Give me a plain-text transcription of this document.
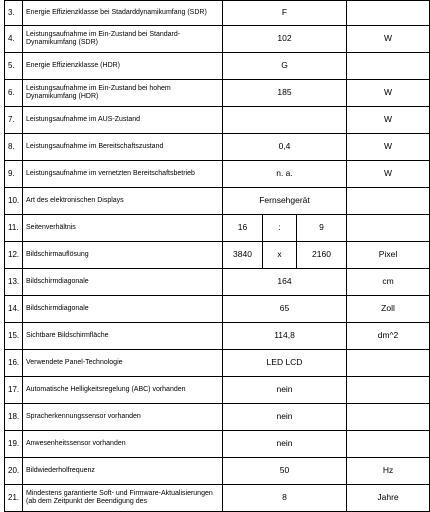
3.	Energie Effizienzklasse bei Stadarddynamikumfang (SDR)	F			
4.	Leistungsaufnahme im Ein-Zustand bei Standard-Dynamikumfang (SDR)	102			W
5.	Energie Effizienzklasse (HDR)	G			
6.	Leistungsaufnahme im Ein-Zustand bei hohem Dynamikumfang (HDR)	185			W
7.	Leistungsaufnahme im AUS-Zustand				W
8.	Leistungsaufnahme im Bereitschaftszustand	0,4			W
9.	Leistungsaufnahme im vernetzten Bereitschaftsbetrieb	n. a.			W
10.	Art des elektronischen Displays	Fernsehgerät			
11.	Seitenverhältnis	16	:	9	
12.	Bildschirmauflösung	3840	x	2160	Pixel
13.	Bildschirmdiagonale	164			cm
14.	Bildschirmdiagonale	65			Zoll
15.	Sichtbare Bildschirmfläche	114,8			dm^2
16.	Verwendete Panel-Technologie	LED LCD			
17.	Automatische Helligkeitsregelung (ABC) vorhanden	nein			
18.	Spracherkennungssensor vorhanden	nein			
19.	Anwesenheitssensor vorhanden	nein			
20.	Bildwiederholfrequenz	50			Hz
21.	Mindestens garantierte Soft- und Firmware-Aktualisierungen (ab dem Zeitpunkt der Beendigung des	8			Jahre
